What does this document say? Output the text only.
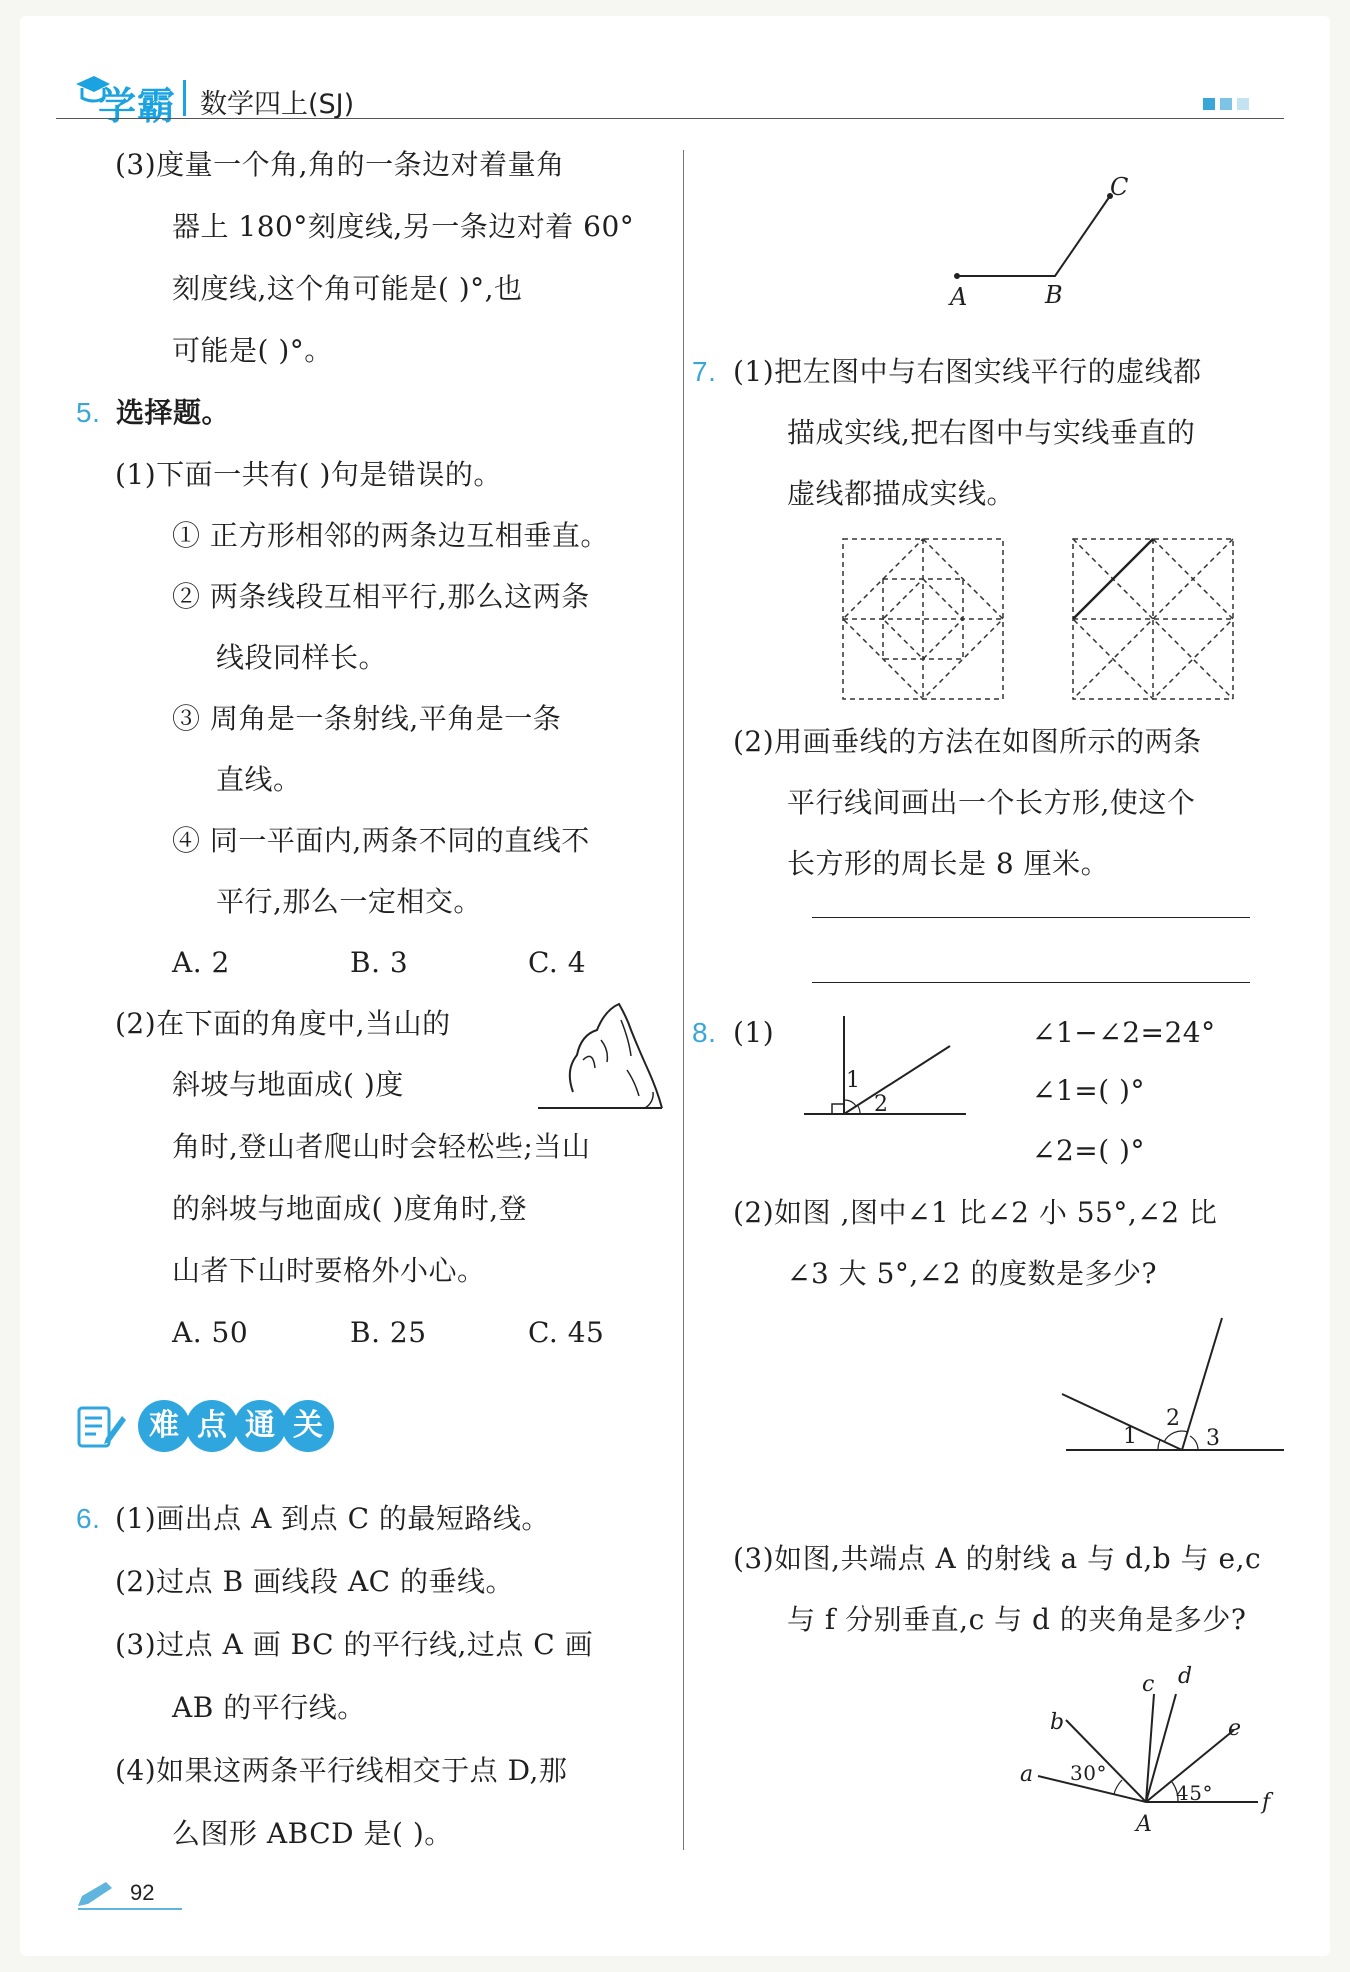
学霸 数学四上(SJ)
(3)度量一个角,角的一条边对着量角
器上 180°刻度线,另一条边对着 60°
刻度线,这个角可能是( )°,也
可能是( )°。
5. 选择题。
(1)下面一共有( )句是错误的。
① 正方形相邻的两条边互相垂直。
② 两条线段互相平行,那么这两条
线段同样长。
③ 周角是一条射线,平角是一条
直线。
④ 同一平面内,两条不同的直线不
平行,那么一定相交。
A. 2	B. 3	C. 4
(2)在下面的角度中,当山的
斜坡与地面成( )度
角时,登山者爬山时会轻松些;当山
的斜坡与地面成( )度角时,登
山者下山时要格外小心。
A. 50	B. 25	C. 45
难 点 通 关
6. (1)画出点 A 到点 C 的最短路线。
(2)过点 B 画线段 AC 的垂线。
(3)过点 A 画 BC 的平行线,过点 C 画
AB 的平行线。
(4)如果这两条平行线相交于点 D,那
么图形 ABCD 是( )。
92
A	B
C
7. (1)把左图中与右图实线平行的虚线都
描成实线,把右图中与实线垂直的
虚线都描成实线。
(2)用画垂线的方法在如图所示的两条
平行线间画出一个长方形,使这个
长方形的周长是 8 厘米。
8. (1)
1
2
∠1−∠2=24°
∠1=( )°
∠2=( )°
(2)如图 ,图中∠1 比∠2 小 55°,∠2 比
∠3 大 5°,∠2 的度数是多少?
1
2
3
(3)如图,共端点 A 的射线 a 与 d,b 与 e,c
与 f 分别垂直,c 与 d 的夹角是多少?
a
b
c d
e
f
A
30°
45°
